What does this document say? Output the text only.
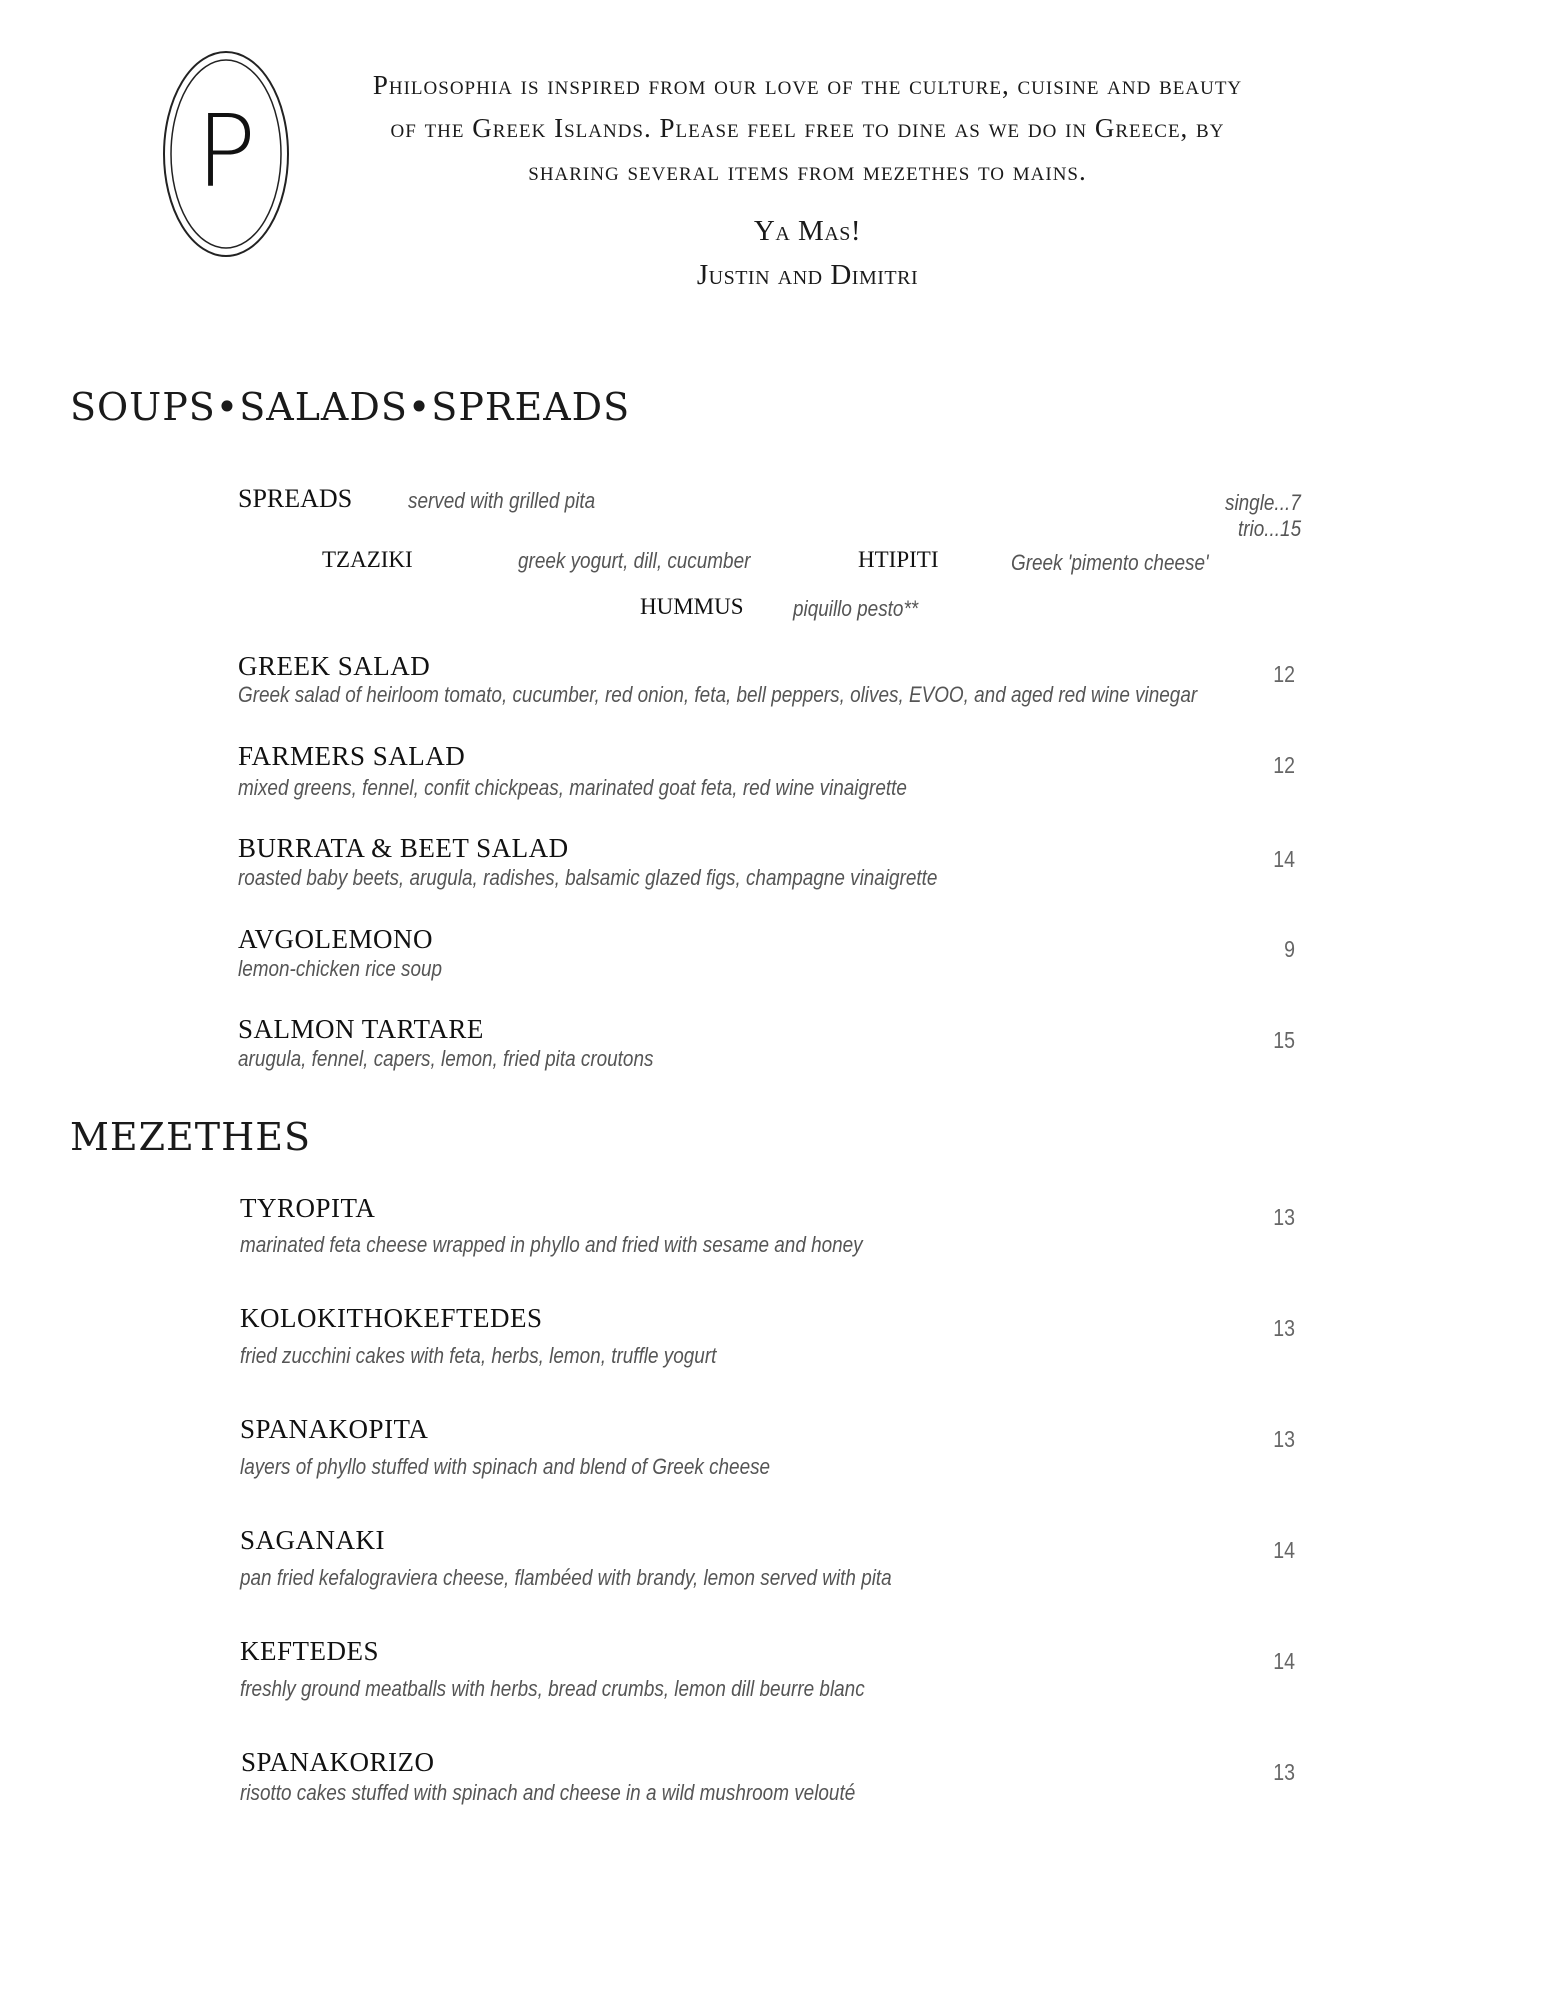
P
Philosophia is inspired from our love of the culture, cuisine and beauty
of the Greek Islands. Please feel free to dine as we do in Greece, by
sharing several items from mezethes to mains.
Ya Mas!
Justin and Dimitri
SOUPS•SALADS•SPREADS
SPREADS	served with grilled pita	single...7
trio...15
TZAZIKI	greek yogurt, dill, cucumber	HTIPITI	Greek 'pimento cheese'
HUMMUS piquillo pesto**
GREEK SALAD
Greek salad of heirloom tomato, cucumber, red onion, feta, bell peppers, olives, EVOO, and aged red wine vinegar
12
FARMERS SALAD
mixed greens, fennel, confit chickpeas, marinated goat feta, red wine vinaigrette
12
BURRATA & BEET SALAD
roasted baby beets, arugula, radishes, balsamic glazed figs, champagne vinaigrette
14
AVGOLEMONO
lemon-chicken rice soup
9
SALMON TARTARE
arugula, fennel, capers, lemon, fried pita croutons
15
MEZETHES
TYROPITA
marinated feta cheese wrapped in phyllo and fried with sesame and honey
13
KOLOKITHOKEFTEDES
fried zucchini cakes with feta, herbs, lemon, truffle yogurt
13
SPANAKOPITA
layers of phyllo stuffed with spinach and blend of Greek cheese
13
SAGANAKI
pan fried kefalograviera cheese, flambéed with brandy, lemon served with pita
14
KEFTEDES
freshly ground meatballs with herbs, bread crumbs, lemon dill beurre blanc
14
SPANAKORIZO
risotto cakes stuffed with spinach and cheese in a wild mushroom velouté
13
